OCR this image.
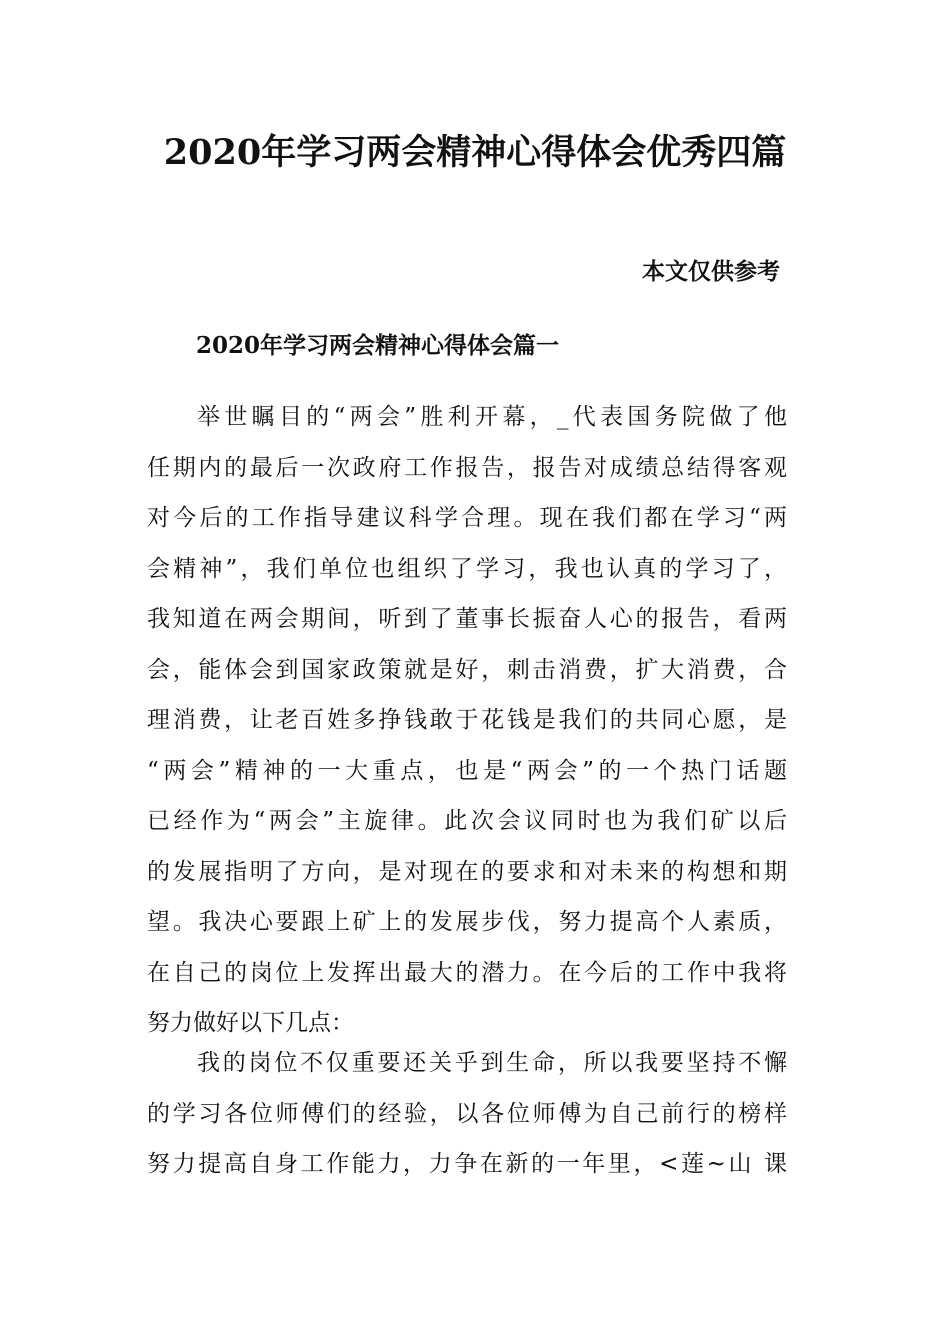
2020年学习两会精神心得体会优秀四篇

本文仅供参考

2020年学习两会精神心得体会篇一
举世瞩目的“两会”胜利开幕，_代表国务院做了他
任期内的最后一次政府工作报告，报告对成绩总结得客观
对今后的工作指导建议科学合理。现在我们都在学习“两
会精神”，我们单位也组织了学习，我也认真的学习了，
我知道在两会期间，听到了董事长振奋人心的报告，看两
会，能体会到国家政策就是好，刺击消费，扩大消费，合
理消费，让老百姓多挣钱敢于花钱是我们的共同心愿，是
“两会”精神的一大重点，也是“两会”的一个热门话题
已经作为“两会”主旋律。此次会议同时也为我们矿以后
的发展指明了方向，是对现在的要求和对未来的构想和期
望。我决心要跟上矿上的发展步伐，努力提高个人素质，
在自己的岗位上发挥出最大的潜力。在今后的工作中我将
努力做好以下几点：
我的岗位不仅重要还关乎到生命，所以我要坚持不懈
的学习各位师傅们的经验，以各位师傅为自己前行的榜样
努力提高自身工作能力，力争在新的一年里，<莲~山 课
